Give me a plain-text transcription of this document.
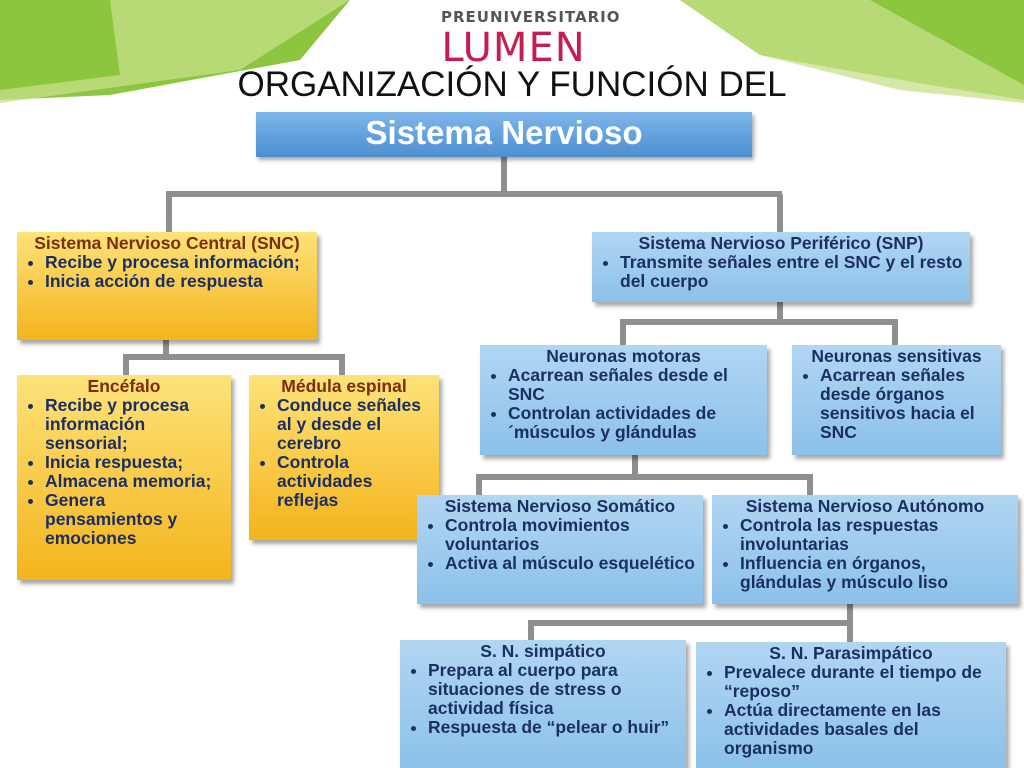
PREUNIVERSITARIO
LUMEN
ORGANIZACIÓN Y FUNCIÓN DEL
Sistema Nervioso
Sistema Nervioso Central (SNC)
• Recibe y procesa información;
• Inicia acción de respuesta
Sistema Nervioso Periférico (SNP)
• Transmite señales entre el SNC y el resto del cuerpo
Encéfalo
• Recibe y procesa información sensorial;
• Inicia respuesta;
• Almacena memoria;
• Genera pensamientos y emociones
Médula espinal
• Conduce señales al y desde el cerebro
• Controla actividades reflejas
Neuronas motoras
• Acarrean señales desde el SNC
• Controlan actividades de ´músculos y glándulas
Neuronas sensitivas
• Acarrean señales desde órganos sensitivos hacia el SNC
Sistema Nervioso Somático
• Controla movimientos voluntarios
• Activa al músculo esquelético
Sistema Nervioso Autónomo
• Controla las respuestas involuntarias
• Influencia en órganos, glándulas y músculo liso
S. N. simpático
• Prepara al cuerpo para situaciones de stress o actividad física
• Respuesta de “pelear o huir”
S. N. Parasimpático
• Prevalece durante el tiempo de “reposo”
• Actúa directamente en las actividades basales del organismo
